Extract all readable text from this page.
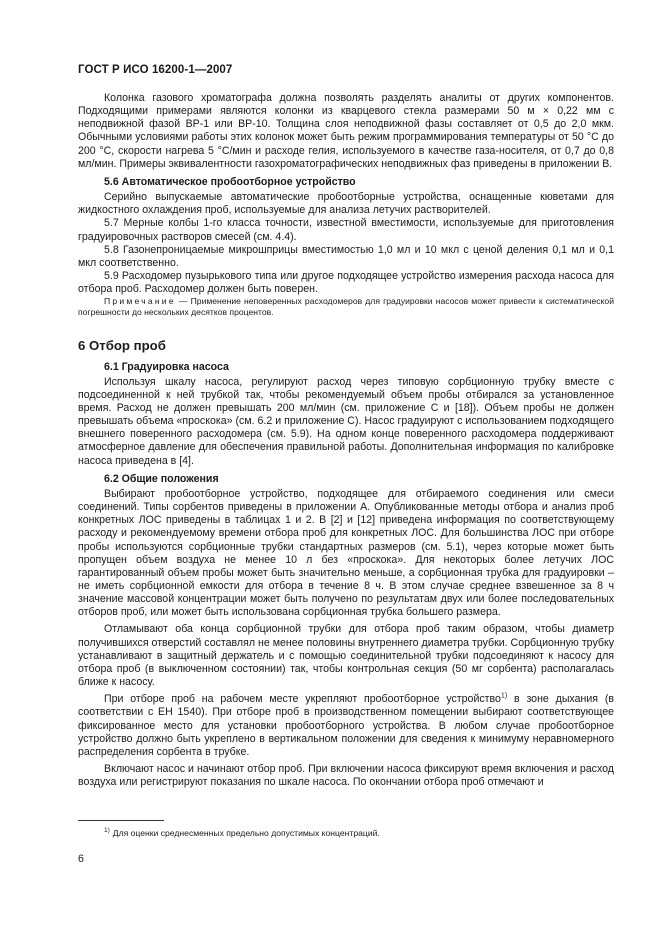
ГОСТ Р ИСО 16200-1—2007

Колонка газового хроматографа должна позволять разделять аналиты от других компонентов. Подходящими примерами являются колонки из кварцевого стекла размерами 50 м × 0,22 мм с неподвижной фазой ВР-1 или ВР-10. Толщина слоя неподвижной фазы составляет от 0,5 до 2,0 мкм. Обычными условиями работы этих колонок может быть режим программирования температуры от 50 °С до 200 °С, скорости нагрева 5 °С/мин и расходе гелия, используемого в качестве газа-носителя, от 0,7 до 0,8 мл/мин. Примеры эквивалентности газохроматографических неподвижных фаз приведены в приложении В.

5.6 Автоматическое пробоотборное устройство

Серийно выпускаемые автоматические пробоотборные устройства, оснащенные кюветами для жидкостного охлаждения проб, используемые для анализа летучих растворителей.

5.7 Мерные колбы 1-го класса точности, известной вместимости, используемые для приготовления градуировочных растворов смесей (см. 4.4).

5.8 Газонепроницаемые микрошприцы вместимостью 1,0 мл и 10 мкл с ценой деления 0,1 мл и 0,1 мкл соответственно.

5.9 Расходомер пузырькового типа или другое подходящее устройство измерения расхода насоса для отбора проб. Расходомер должен быть поверен.

Примечание — Применение неповеренных расходомеров для градуировки насосов может привести к систематической погрешности до нескольких десятков процентов.

6 Отбор проб
6.1 Градуировка насоса

Используя шкалу насоса, регулируют расход через типовую сорбционную трубку вместе с подсоединенной к ней трубкой так, чтобы рекомендуемый объем пробы отбирался за установленное время. Расход не должен превышать 200 мл/мин (см. приложение С и [18]). Объем пробы не должен превышать объема «проскока» (см. 6.2 и приложение С). Насос градуируют с использованием подходящего внешнего поверенного расходомера (см. 5.9). На одном конце поверенного расходомера поддерживают атмосферное давление для обеспечения правильной работы. Дополнительная информация по калибровке насоса приведена в [4].

6.2 Общие положения

Выбирают пробоотборное устройство, подходящее для отбираемого соединения или смеси соединений. Типы сорбентов приведены в приложении А. Опубликованные методы отбора и анализ проб конкретных ЛОС приведены в таблицах 1 и 2. В [2] и [12] приведена информация по соответствующему расходу и рекомендуемому времени отбора проб для конкретных ЛОС. Для большинства ЛОС при отборе пробы используются сорбционные трубки стандартных размеров (см. 5.1), через которые может быть пропущен объем воздуха не менее 10 л без «проскока». Для некоторых более летучих ЛОС гарантированный объем пробы может быть значительно меньше, а сорбционная трубка для градуировки – не иметь сорбционной емкости для отбора в течение 8 ч. В этом случае среднее взвешенное за 8 ч значение массовой концентрации может быть получено по результатам двух или более последовательных отборов проб, или может быть использована сорбционная трубка большего размера.

Отламывают оба конца сорбционной трубки для отбора проб таким образом, чтобы диаметр получившихся отверстий составлял не менее половины внутреннего диаметра трубки. Сорбционную трубку устанавливают в защитный держатель и с помощью соединительной трубки подсоединяют к насосу для отбора проб (в выключенном состоянии) так, чтобы контрольная секция (50 мг сорбента) располагалась ближе к насосу.

При отборе проб на рабочем месте укрепляют пробоотборное устройство$^{1)}$ в зоне дыхания (в соответствии с ЕН 1540). При отборе проб в производственном помещении выбирают соответствующее фиксированное место для установки пробоотборного устройства. В любом случае пробоотборное устройство должно быть укреплено в вертикальном положении для сведения к минимуму неравномерного распределения сорбента в трубке.

Включают насос и начинают отбор проб. При включении насоса фиксируют время включения и расход воздуха или регистрируют показания по шкале насоса. По окончании отбора проб отмечают и

$^{1)}$ Для оценки среднесменных предельно допустимых концентраций.
6
